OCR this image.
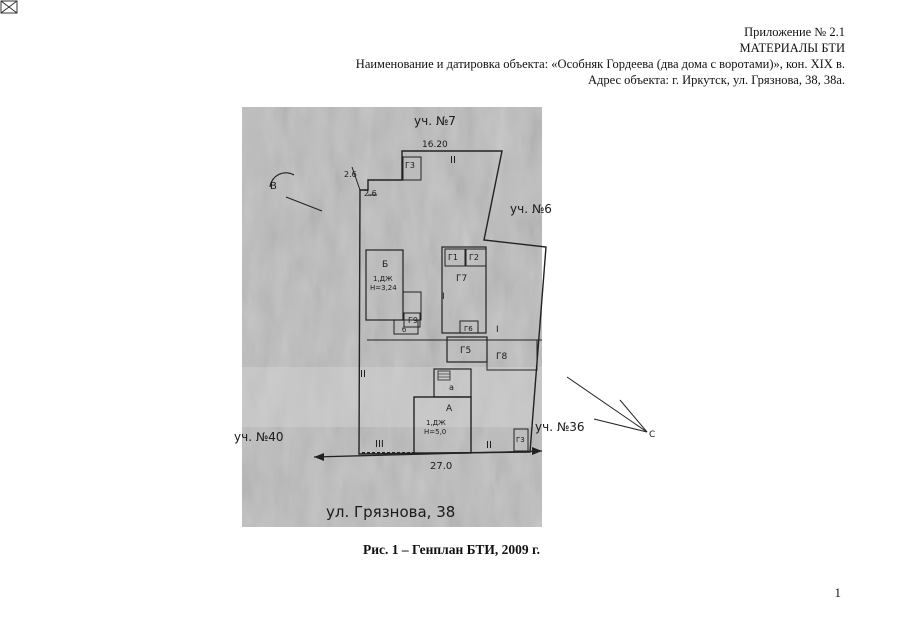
Приложение № 2.1
МАТЕРИАЛЫ БТИ
Наименование и датировка объекта: «Особняк Гордеева (два дома с воротами)», кон. XIX в.
Адрес объекта: г. Иркутск, ул. Грязнова, 38, 38а.
уч. №7
16.20
II
2.6
2.6
В
уч. №6
Г3
Б
1,ДЖ
Н=3,24
Г1 Г2
Г7
I
Г9
б	Г6	I
Г5
Г8
II
а
А
1,ДЖ
Н=5,0
Г3
уч. №36
уч. №40
III	II
27.0
ул. Грязнова, 38
С
Рис. 1 – Генплан БТИ, 2009 г.
1
